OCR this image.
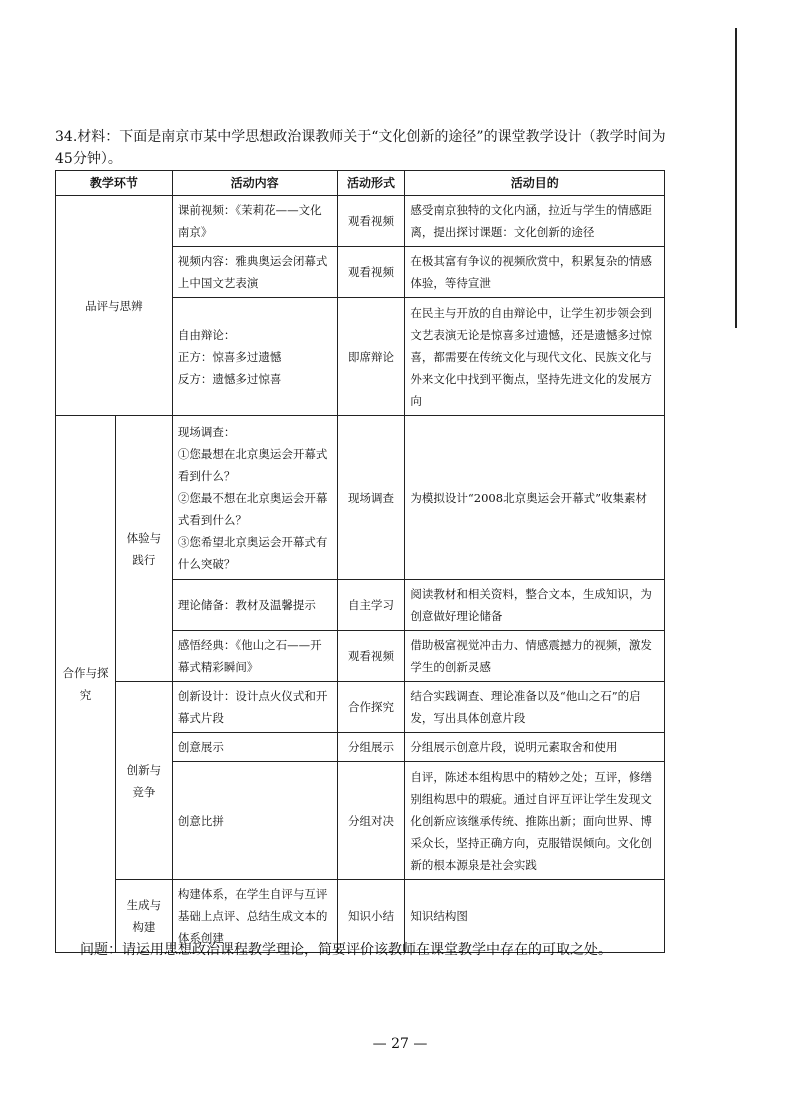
34.材料：下面是南京市某中学思想政治课教师关于“文化创新的途径”的课堂教学设计（教学时间为45分钟）。
教学环节		活动内容	活动形式	活动目的
品评与思辨		课前视频：《茉莉花——文化南京》	观看视频	感受南京独特的文化内涵，拉近与学生的情感距离，提出探讨课题：文化创新的途径
		视频内容：雅典奥运会闭幕式上中国文艺表演	观看视频	在极其富有争议的视频欣赏中，积累复杂的情感体验，等待宣泄
		自由辩论：
正方：惊喜多过遗憾
反方：遗憾多过惊喜	即席辩论	在民主与开放的自由辩论中，让学生初步领会到文艺表演无论是惊喜多过遗憾，还是遗憾多过惊喜，都需要在传统文化与现代文化、民族文化与外来文化中找到平衡点，坚持先进文化的发展方向
合作与探究	体验与践行	现场调查：
①您最想在北京奥运会开幕式看到什么？
②您最不想在北京奥运会开幕式看到什么？
③您希望北京奥运会开幕式有什么突破？	现场调查	为模拟设计“2008北京奥运会开幕式”收集素材
		理论储备：教材及温馨提示	自主学习	阅读教材和相关资料，整合文本，生成知识，为创意做好理论储备
		感悟经典：《他山之石——开幕式精彩瞬间》	观看视频	借助极富视觉冲击力、情感震撼力的视频，激发学生的创新灵感
	创新与竞争	创新设计：设计点火仪式和开幕式片段	合作探究	结合实践调查、理论准备以及“他山之石”的启发，写出具体创意片段
		创意展示	分组展示	分组展示创意片段，说明元素取舍和使用
		创意比拼	分组对决	自评，陈述本组构思中的精妙之处；互评，修缮别组构思中的瑕疵。通过自评互评让学生发现文化创新应该继承传统、推陈出新；面向世界、博采众长，坚持正确方向，克服错误倾向。文化创新的根本源泉是社会实践
	生成与构建	构建体系，在学生自评与互评基础上点评、总结生成文本的体系创建	知识小结	知识结构图
问题：请运用思想政治课程教学理论，简要评价该教师在课堂教学中存在的可取之处。
— 27 —
